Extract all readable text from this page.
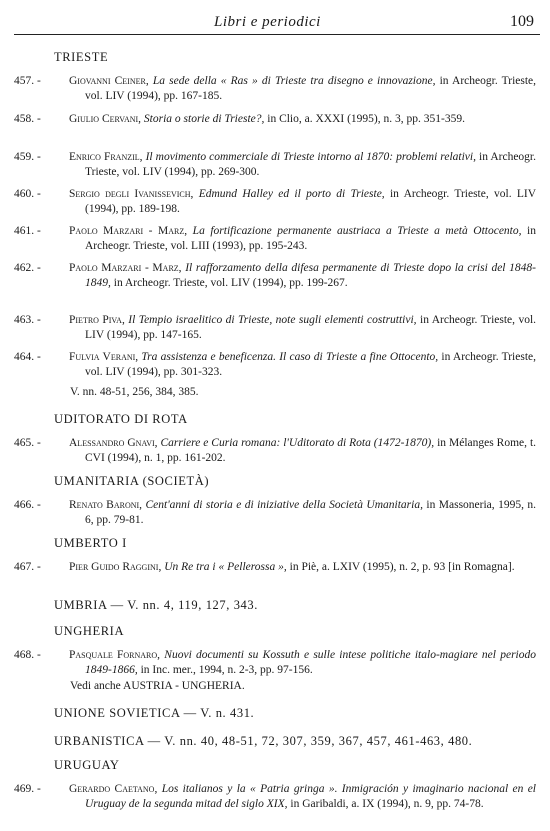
Libri e periodici	109
TRIESTE
457. - Giovanni Ceiner, La sede della « Ras » di Trieste tra disegno e innovazione, in Archeogr. Trieste, vol. LIV (1994), pp. 167-185.
458. - Giulio Cervani, Storia o storie di Trieste?, in Clio, a. XXXI (1995), n. 3, pp. 351-359.
459. - Enrico Franzil, Il movimento commerciale di Trieste intorno al 1870: problemi relativi, in Archeogr. Trieste, vol. LIV (1994), pp. 269-300.
460. - Sergio degli Ivanissevich, Edmund Halley ed il porto di Trieste, in Archeogr. Trieste, vol. LIV (1994), pp. 189-198.
461. - Paolo Marzari - Marz, La fortificazione permanente austriaca a Trieste a metà Ottocento, in Archeogr. Trieste, vol. LIII (1993), pp. 195-243.
462. - Paolo Marzari - Marz, Il rafforzamento della difesa permanente di Trieste dopo la crisi del 1848-1849, in Archeogr. Trieste, vol. LIV (1994), pp. 199-267.
463. - Pietro Piva, Il Tempio israelitico di Trieste, note sugli elementi costruttivi, in Archeogr. Trieste, vol. LIV (1994), pp. 147-165.
464. - Fulvia Verani, Tra assistenza e beneficenza. Il caso di Trieste a fine Ottocento, in Archeogr. Trieste, vol. LIV (1994), pp. 301-323.
V. nn. 48-51, 256, 384, 385.
UDITORATO DI ROTA
465. - Alessandro Gnavi, Carriere e Curia romana: l'Uditorato di Rota (1472-1870), in Mélanges Rome, t. CVI (1994), n. 1, pp. 161-202.
UMANITARIA (SOCIETÀ)
466. - Renato Baroni, Cent'anni di storia e di iniziative della Società Umanitaria, in Massoneria, 1995, n. 6, pp. 79-81.
UMBERTO I
467. - Pier Guido Raggini, Un Re tra i « Pellerossa », in Piè, a. LXIV (1995), n. 2, p. 93 [in Romagna].
UMBRIA — V. nn. 4, 119, 127, 343.
UNGHERIA
468. - Pasquale Fornaro, Nuovi documenti su Kossuth e sulle intese politiche italo-magiare nel periodo 1849-1866, in Inc. mer., 1994, n. 2-3, pp. 97-156.
Vedi anche AUSTRIA - UNGHERIA.
UNIONE SOVIETICA — V. n. 431.
URBANISTICA — V. nn. 40, 48-51, 72, 307, 359, 367, 457, 461-463, 480.
URUGUAY
469. - Gerardo Caetano, Los italianos y la « Patria gringa ». Inmigración y imaginario nacional en el Uruguay de la segunda mitad del siglo XIX, in Garibaldi, a. IX (1994), n. 9, pp. 74-78.
